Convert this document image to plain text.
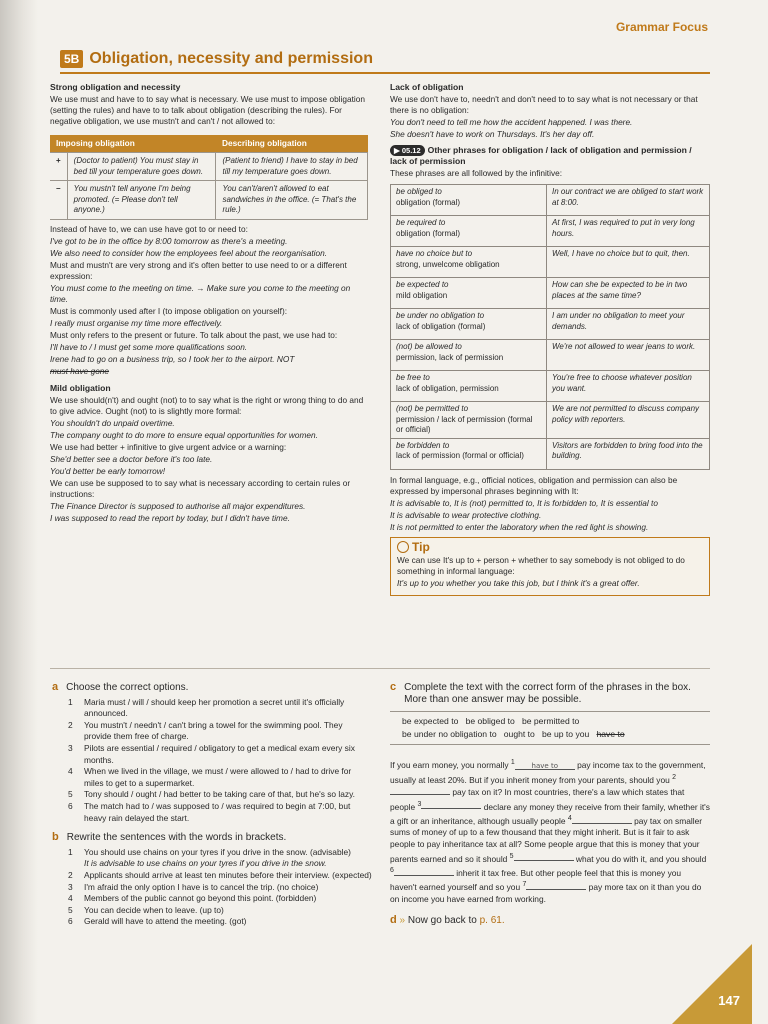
Grammar Focus
5B Obligation, necessity and permission

Strong obligation and necessity

We use must and have to to say what is necessary. We use must to impose obligation (setting the rules) and have to to talk about obligation (describing the rules). For negative obligation, we use mustn't and can't / not allowed to:

Imposing obligation		Describing obligation
+	(Doctor to patient) You must stay in bed till your temperature goes down.	(Patient to friend) I have to stay in bed till my temperature goes down.
–	You mustn't tell anyone I'm being promoted. (= Please don't tell anyone.)	You can't/aren't allowed to eat sandwiches in the office. (= That's the rule.)

Instead of have to, we can use have got to or need to:

I've got to be in the office by 8:00 tomorrow as there's a meeting.

We also need to consider how the employees feel about the reorganisation.

Must and mustn't are very strong and it's often better to use need to or a different expression:

You must come to the meeting on time. → Make sure you come to the meeting on time.

Must is commonly used after I (to impose obligation on yourself):

I really must organise my time more effectively.

Must only refers to the present or future. To talk about the past, we use had to:

I'll have to / I must get some more qualifications soon.

Irene had to go on a business trip, so I took her to the airport. NOT

must have gone

Mild obligation

We use should(n't) and ought (not) to to say what is the right or wrong thing to do and to give advice. Ought (not) to is slightly more formal:

You shouldn't do unpaid overtime.

The company ought to do more to ensure equal opportunities for women.

We use had better + infinitive to give urgent advice or a warning:

She'd better see a doctor before it's too late.

You'd better be early tomorrow!

We can use be supposed to to say what is necessary according to certain rules or instructions:

The Finance Director is supposed to authorise all major expenditures.

I was supposed to read the report by today, but I didn't have time.

Lack of obligation

We use don't have to, needn't and don't need to to say what is not necessary or that there is no obligation:

You don't need to tell me how the accident happened. I was there.

She doesn't have to work on Thursdays. It's her day off.

▶ 05.12 Other phrases for obligation / lack of obligation and permission / lack of permission

These phrases are all followed by the infinitive:

be obliged to
obligation (formal)	In our contract we are obliged to start work at 8:00.

be required to
obligation (formal)	At first, I was required to put in very long hours.

have no choice but to
strong, unwelcome obligation	Well, I have no choice but to quit, then.

be expected to
mild obligation	How can she be expected to be in two places at the same time?

be under no obligation to
lack of obligation (formal)	I am under no obligation to meet your demands.

(not) be allowed to
permission, lack of permission	We're not allowed to wear jeans to work.

be free to
lack of obligation, permission	You're free to choose whatever position you want.

(not) be permitted to
permission / lack of permission (formal or official)	We are not permitted to discuss company policy with reporters.

be forbidden to
lack of permission (formal or official)	Visitors are forbidden to bring food into the building.

In formal language, e.g., official notices, obligation and permission can also be expressed by impersonal phrases beginning with It:

It is advisable to, It is (not) permitted to, It is forbidden to, It is essential to

It is advisable to wear protective clothing.

It is not permitted to enter the laboratory when the red light is showing.

Tip

We can use It's up to + person + whether to say somebody is not obliged to do something in informal language:

It's up to you whether you take this job, but I think it's a great offer.

a Choose the correct options.
1	Maria must / will / should keep her promotion a secret until it's officially announced.
2	You mustn't / needn't / can't bring a towel for the swimming pool. They provide them free of charge.
3	Pilots are essential / required / obligatory to get a medical exam every six months.
4	When we lived in the village, we must / were allowed to / had to drive for miles to get to a supermarket.
5	Tony should / ought / had better to be taking care of that, but he's so lazy.
6	The match had to / was supposed to / was required to begin at 7:00, but heavy rain delayed the start.
b Rewrite the sentences with the words in brackets.
1	You should use chains on your tyres if you drive in the snow. (advisable)
It is advisable to use chains on your tyres if you drive in the snow.
2	Applicants should arrive at least ten minutes before their interview. (expected)
3	I'm afraid the only option I have is to cancel the trip. (no choice)
4	Members of the public cannot go beyond this point. (forbidden)
5	You can decide when to leave. (up to)
6	Gerald will have to attend the meeting. (got)
c Complete the text with the correct form of the phrases in the box. More than one answer may be possible.
be expected to be obliged to be permitted to
be under no obligation to ought to be up to you have to

If you earn money, you normally $^1$ have to pay income tax to the government, usually at least 20%. But if you inherit money from your parents, should you $^2$ pay tax on it? In most countries, there's a law which states that people $^3$	declare any money they receive from their family, whether it's a gift or an inheritance, although usually people $^4$	pay tax on smaller sums of money of up to a few thousand that they might inherit. But is it fair to ask people to pay inheritance tax at all? Some people argue that this is money that your parents earned and so it should $^5$	what you do with it, and you should $^6$	inherit it tax free. But other people feel that this is money you haven't earned yourself and so you $^7$	pay more tax on it than you do on income you have earned from working.

d » Now go back to p. 61.
147
